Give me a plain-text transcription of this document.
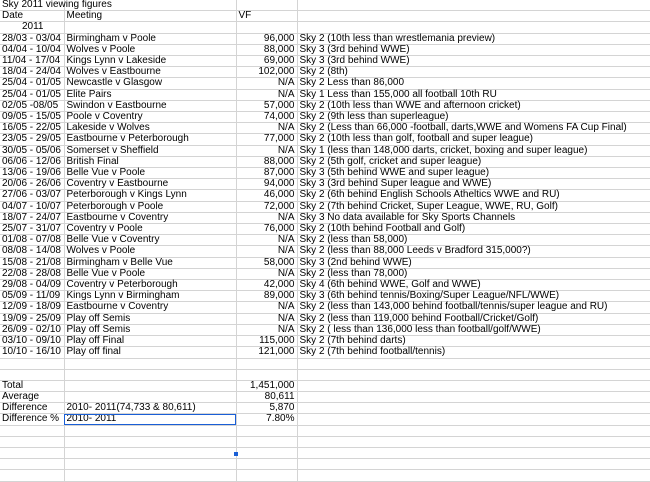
Sky 2011 viewing figures			
Date	Meeting	VF	
2011			
28/03 - 03/04	Birmingham v Poole	96,000	Sky 2 (10th less than wrestlemania preview)
04/04 - 10/04	Wolves v Poole	88,000	Sky 3 (3rd behind WWE)
11/04 - 17/04	Kings Lynn v Lakeside	69,000	Sky 3 (3rd behind WWE)
18/04 - 24/04	Wolves v Eastbourne	102,000	Sky 2 (8th)
25/04 - 01/05	Newcastle v Glasgow	N/A	Sky 2 Less than 86,000
25/04 - 01/05	Elite Pairs	N/A	Sky 1 Less than 155,000 all football 10th RU
02/05 -08/05	Swindon v Eastbourne	57,000	Sky 2 (10th less than WWE and afternoon cricket)
09/05 - 15/05	Poole v Coventry	74,000	Sky 2 (9th less than superleague)
16/05 - 22/05	Lakeside v Wolves	N/A	Sky 2 (Less than 66,000 -football, darts,WWE and Womens FA Cup Final)
23/05 - 29/05	Eastbourne v Peterborough	77,000	Sky 2 (10th less than golf, football and super league)
30/05 - 05/06	Somerset v Sheffield	N/A	Sky 1 (less than 148,000 darts, cricket, boxing and super league)
06/06 - 12/06	British Final	88,000	Sky 2 (5th golf, cricket and super league)
13/06 - 19/06	Belle Vue v Poole	87,000	Sky 3 (5th behind WWE and super league)
20/06 - 26/06	Coventry v Eastbourne	94,000	Sky 3 (3rd behind Super league and WWE)
27/06 - 03/07	Peterborough v Kings Lynn	46,000	Sky 2 (6th behind English Schools Atheltics WWE and RU)
04/07 - 10/07	Peterborough v Poole	72,000	Sky 2 (7th behind Cricket, Super League, WWE, RU, Golf)
18/07 - 24/07	Eastbourne v Coventry	N/A	Sky 3 No data available for Sky Sports Channels
25/07 - 31/07	Coventry v Poole	76,000	Sky 2 (10th behind Football and Golf)
01/08 - 07/08	Belle Vue v Coventry	N/A	Sky 2 (less than 58,000)
08/08 - 14/08	Wolves v Poole	N/A	Sky 2 (less than 88,000 Leeds v Bradford 315,000?)
15/08 - 21/08	Birmingham v Belle Vue	58,000	Sky 3 (2nd behind WWE)
22/08 - 28/08	Belle Vue v Poole	N/A	Sky 2 (less than 78,000)
29/08 - 04/09	Coventry v Peterborough	42,000	Sky 4 (6th behind WWE, Golf and WWE)
05/09 - 11/09	Kings Lynn v Birmingham	89,000	Sky 3 (6th behind tennis/Boxing/Super League/NFL/WWE)
12/09 - 18/09	Eastbourne v Coventry	N/A	Sky 2 (less than 143,000 behind football/tennis/super league and RU)
19/09 - 25/09	Play off Semis	N/A	Sky 2 (less than 119,000 behind Football/Cricket/Golf)
26/09 - 02/10	Play off Semis	N/A	Sky 2 ( less than 136,000 less than football/golf/WWE)
03/10 - 09/10	Play off Final	115,000	Sky 2 (7th behind darts)
10/10 - 16/10	Play off final	121,000	Sky 2 (7th behind football/tennis)

Total		1,451,000	
Average		80,611	
Difference	2010- 2011(74,733 & 80,611)	5,870	
Difference %	2010- 2011	7.80%	
